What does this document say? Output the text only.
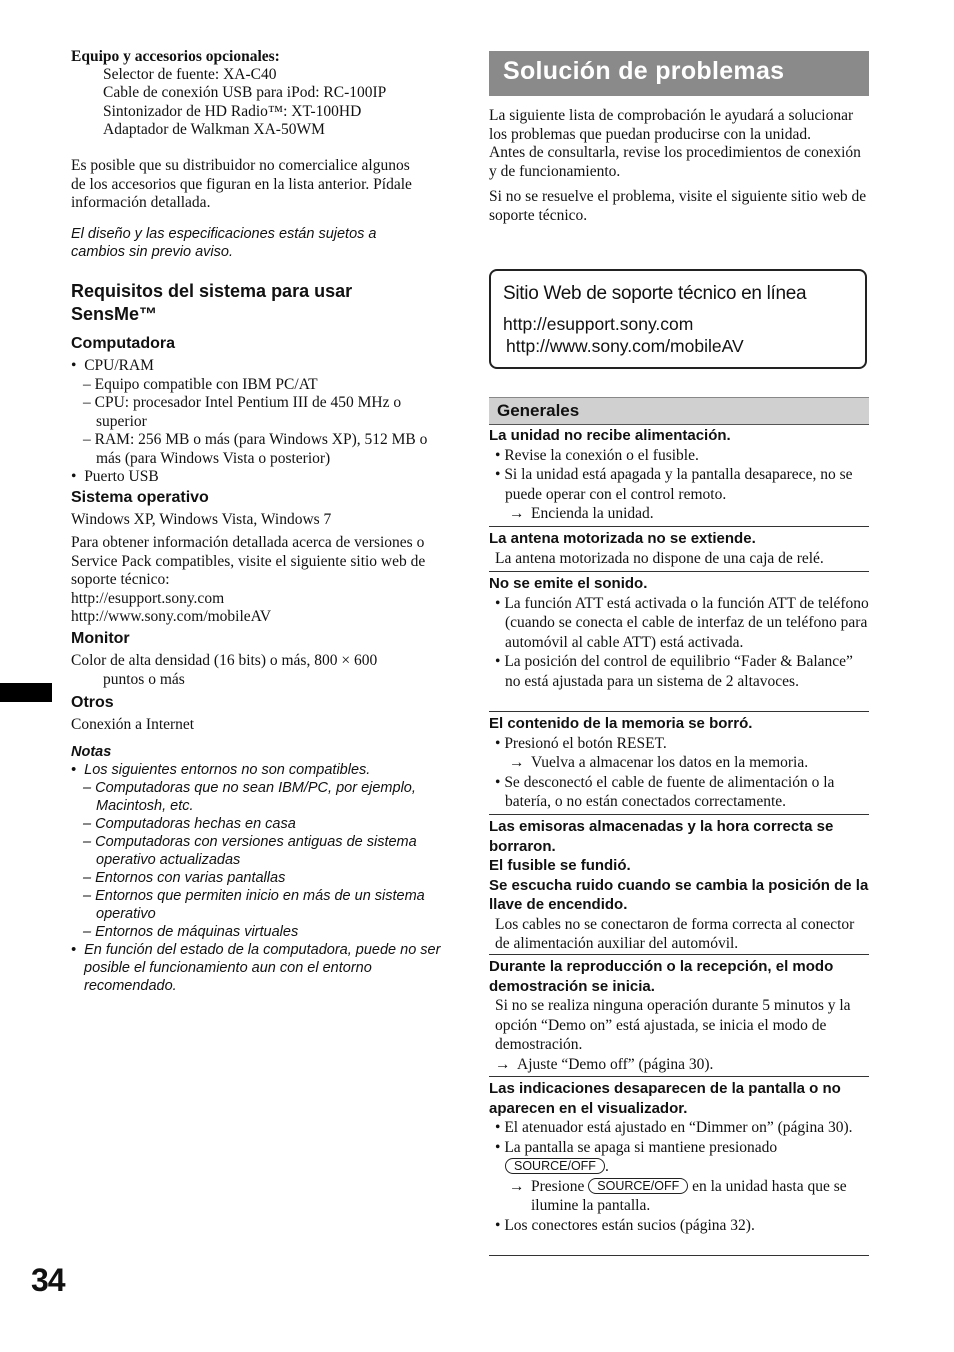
Equipo y accesorios opcionales:
Selector de fuente: XA-C40
Cable de conexión USB para iPod: RC-100IP
Sintonizador de HD Radio™: XT-100HD
Adaptador de Walkman XA-50WM
Es posible que su distribuidor no comercialice algunos de los accesorios que figuran en la lista anterior. Pídale información detallada.
El diseño y las especificaciones están sujetos a cambios sin previo aviso.
Requisitos del sistema para usar SensMe™
Computadora
•  CPU/RAM
– Equipo compatible con IBM PC/AT
– CPU: procesador Intel Pentium III de 450 MHz o superior
– RAM: 256 MB o más (para Windows XP), 512 MB o más (para Windows Vista o posterior)
•  Puerto USB
Sistema operativo
Windows XP, Windows Vista, Windows 7
Para obtener información detallada acerca de versiones o Service Pack compatibles, visite el siguiente sitio web de soporte técnico:
http://esupport.sony.com
http://www.sony.com/mobileAV
Monitor
Color de alta densidad (16 bits) o más, 800 × 600
puntos o más
Otros
Conexión a Internet
Notas
•  Los siguientes entornos no son compatibles.
– Computadoras que no sean IBM/PC, por ejemplo, Macintosh, etc.
– Computadoras hechas en casa
– Computadoras con versiones antiguas de sistema operativo actualizadas
– Entornos con varias pantallas
– Entornos que permiten inicio en más de un sistema operativo
– Entornos de máquinas virtuales
•  En función del estado de la computadora, puede no ser posible el funcionamiento aun con el entorno recomendado.
Solución de problemas
La siguiente lista de comprobación le ayudará a solucionar los problemas que puedan producirse con la unidad.
Antes de consultarla, revise los procedimientos de conexión y de funcionamiento.
Si no se resuelve el problema, visite el siguiente sitio web de soporte técnico.
Sitio Web de soporte técnico en línea
http://esupport.sony.com
http://www.sony.com/mobileAV
Generales
La unidad no recibe alimentación.
• Revise la conexión o el fusible.
• Si la unidad está apagada y la pantalla desaparece, no se puede operar con el control remoto.
→ Encienda la unidad.
La antena motorizada no se extiende.
La antena motorizada no dispone de una caja de relé.
No se emite el sonido.
• La función ATT está activada o la función ATT de teléfono (cuando se conecta el cable de interfaz de un teléfono para automóvil al cable ATT) está activada.
• La posición del control de equilibrio “Fader & Balance” no está ajustada para un sistema de 2 altavoces.
El contenido de la memoria se borró.
• Presionó el botón RESET.
→ Vuelva a almacenar los datos en la memoria.
• Se desconectó el cable de fuente de alimentación o la batería, o no están conectados correctamente.
Las emisoras almacenadas y la hora correcta se borraron.
El fusible se fundió.
Se escucha ruido cuando se cambia la posición de la llave de encendido.
Los cables no se conectaron de forma correcta al conector de alimentación auxiliar del automóvil.
Durante la reproducción o la recepción, el modo demostración se inicia.
Si no se realiza ninguna operación durante 5 minutos y la opción “Demo on” está ajustada, se inicia el modo de demostración.
→ Ajuste “Demo off” (página 30).
Las indicaciones desaparecen de la pantalla o no aparecen en el visualizador.
• El atenuador está ajustado en “Dimmer on” (página 30).
• La pantalla se apaga si mantiene presionado
SOURCE/OFF .
→ Presione SOURCE/OFF en la unidad hasta que se ilumine la pantalla.
• Los conectores están sucios (página 32).
34
